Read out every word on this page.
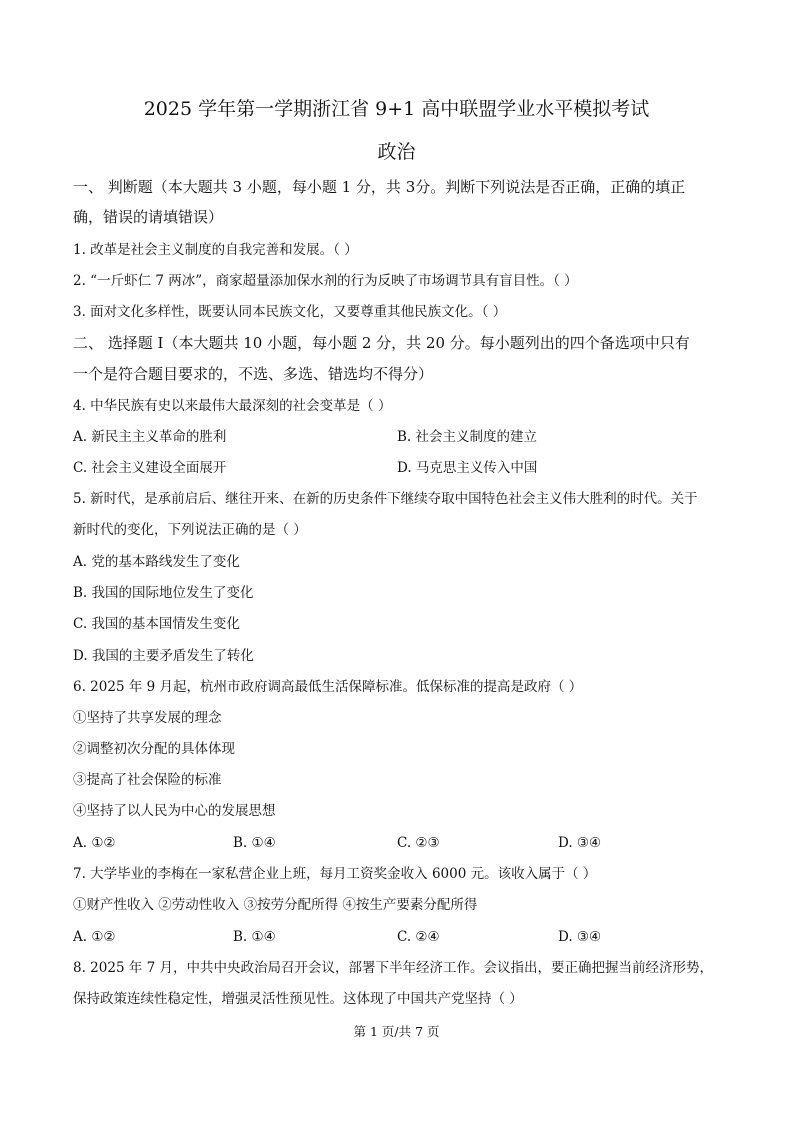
2025 学年第一学期浙江省 9+1 高中联盟学业水平模拟考试
政治
一、 判断题（本大题共 3 小题，每小题 1 分，共 3分。判断下列说法是否正确，正确的填正
确，错误的请填错误）
1. 改革是社会主义制度的自我完善和发展。（ ）
2. “一斤虾仁 7 两冰”，商家超量添加保水剂的行为反映了市场调节具有盲目性。（ ）
3. 面对文化多样性，既要认同本民族文化，又要尊重其他民族文化。（ ）
二、 选择题 I（本大题共 10 小题，每小题 2 分，共 20 分。每小题列出的四个备选项中只有
一个是符合题目要求的，不选、多选、错选均不得分）
4. 中华民族有史以来最伟大最深刻的社会变革是（ ）
A. 新民主主义革命的胜利	B. 社会主义制度的建立
C. 社会主义建设全面展开	D. 马克思主义传入中国
5. 新时代，是承前启后、继往开来、在新的历史条件下继续夺取中国特色社会主义伟大胜利的时代。关于
新时代的变化，下列说法正确的是（ ）
A. 党的基本路线发生了变化
B. 我国的国际地位发生了变化
C. 我国的基本国情发生变化
D. 我国的主要矛盾发生了转化
6. 2025 年 9 月起，杭州市政府调高最低生活保障标准。低保标准的提高是政府（ ）
①坚持了共享发展的理念
②调整初次分配的具体体现
③提高了社会保险的标准
④坚持了以人民为中心的发展思想
A. ①②	B. ①④	C. ②③	D. ③④
7. 大学毕业的李梅在一家私营企业上班，每月工资奖金收入 6000 元。该收入属于（ ）
①财产性收入 ②劳动性收入 ③按劳分配所得 ④按生产要素分配所得
A. ①②	B. ①④	C. ②④	D. ③④
8. 2025 年 7 月，中共中央政治局召开会议，部署下半年经济工作。会议指出，要正确把握当前经济形势，
保持政策连续性稳定性，增强灵活性预见性。这体现了中国共产党坚持（ ）
第 1 页/共 7 页
